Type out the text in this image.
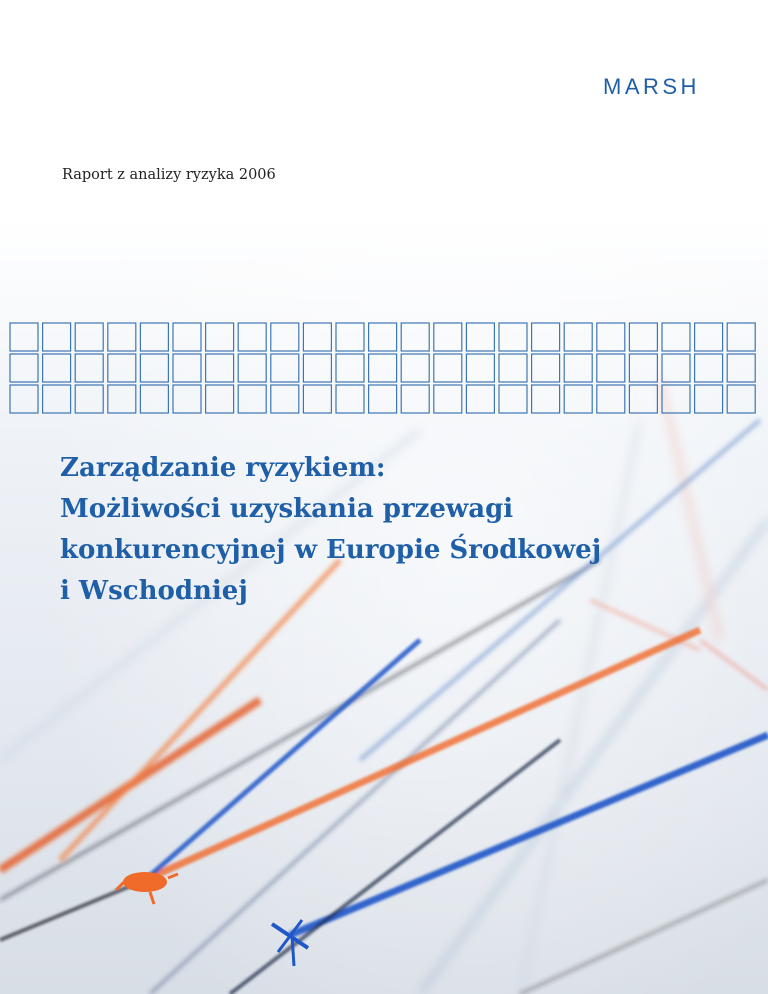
MARSH
Raport z analizy ryzyka 2006
Zarządzanie ryzykiem:
Możliwości uzyskania przewagi
konkurencyjnej w Europie Środkowej
i Wschodniej
